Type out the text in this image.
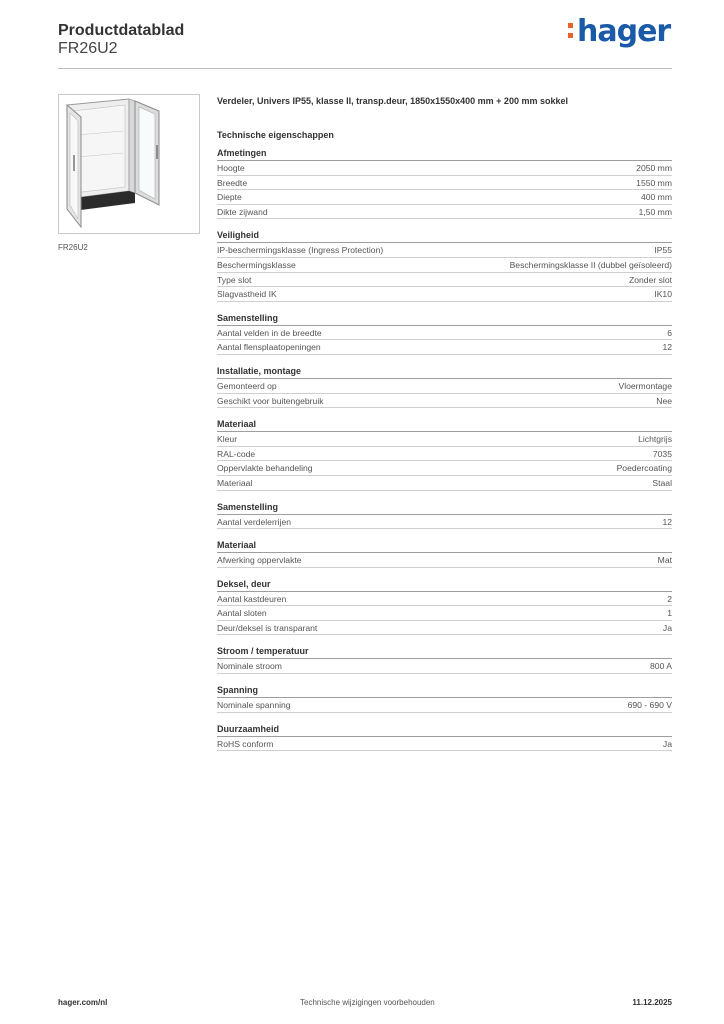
Productdatablad
FR26U2	hager
FR26U2
Verdeler, Univers IP55, klasse II, transp.deur, 1850x1550x400 mm + 200 mm sokkel
Technische eigenschappen
Afmetingen
Hoogte	2050 mm
Breedte	1550 mm
Diepte	400 mm
Dikte zijwand	1,50 mm
Veiligheid
IP-beschermingsklasse (Ingress Protection)	IP55
Beschermingsklasse	Beschermingsklasse II (dubbel geïsoleerd)
Type slot	Zonder slot
Slagvastheid IK	IK10
Samenstelling
Aantal velden in de breedte	6
Aantal flensplaatopeningen	12
Installatie, montage
Gemonteerd op	Vloermontage
Geschikt voor buitengebruik	Nee
Materiaal
Kleur	Lichtgrijs
RAL-code	7035
Oppervlakte behandeling	Poedercoating
Materiaal	Staal
Samenstelling
Aantal verdelerrijen	12
Materiaal
Afwerking oppervlakte	Mat
Deksel, deur
Aantal kastdeuren	2
Aantal sloten	1
Deur/deksel is transparant	Ja
Stroom / temperatuur
Nominale stroom	800 A
Spanning
Nominale spanning	690 - 690 V
Duurzaamheid
RoHS conform	Ja
hager.com/nl	Technische wijzigingen voorbehouden	11.12.2025
